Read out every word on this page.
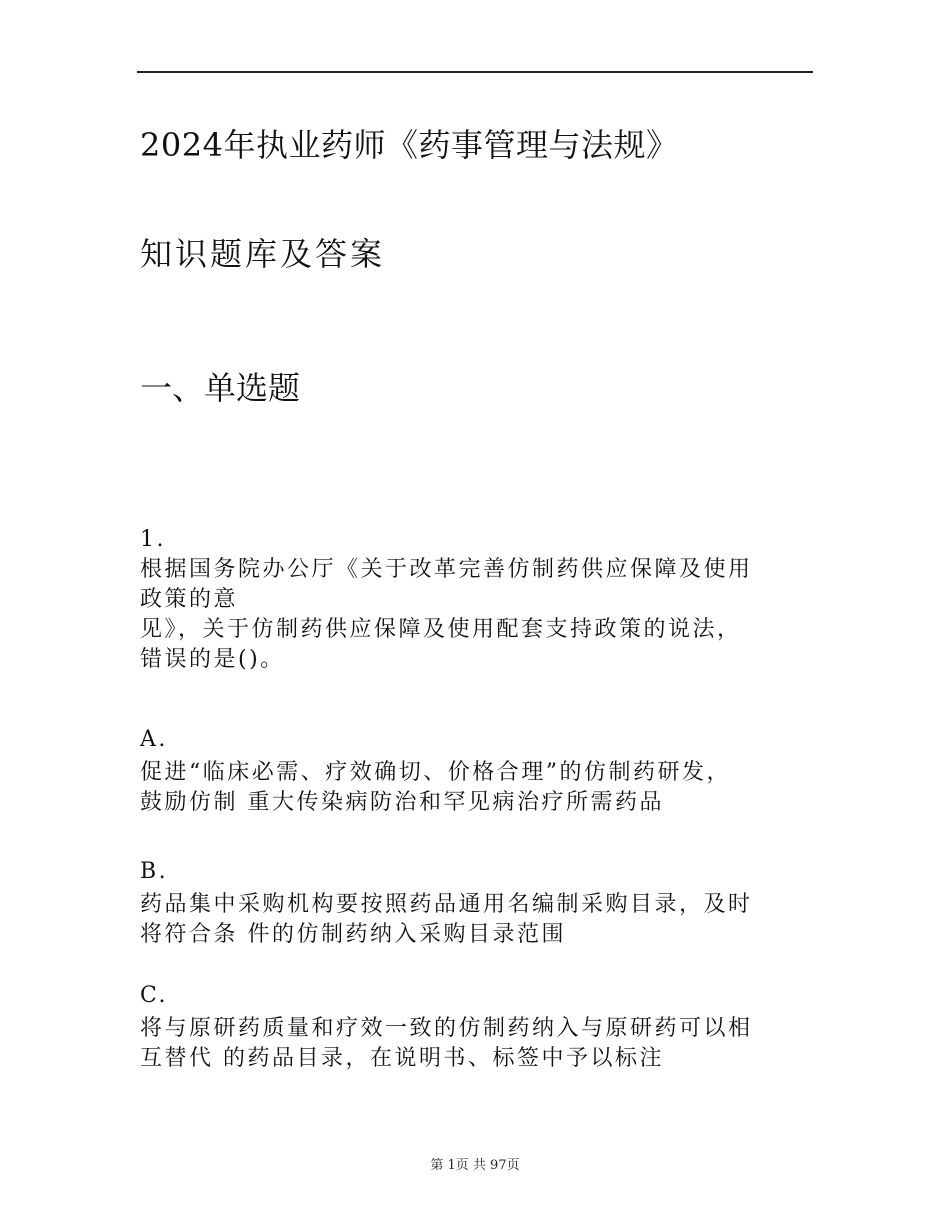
2024年执业药师《药事管理与法规》
知识题库及答案
一、单选题
1.
根据国务院办公厅《关于改革完善仿制药供应保障及使用
政策的意
见》，关于仿制药供应保障及使用配套支持政策的说法，
错误的是()。
A.
促进“临床必需、疗效确切、价格合理”的仿制药研发，
鼓励仿制 重大传染病防治和罕见病治疗所需药品
B.
药品集中采购机构要按照药品通用名编制采购目录，及时
将符合条 件的仿制药纳入采购目录范围
C.
将与原研药质量和疗效一致的仿制药纳入与原研药可以相
互替代 的药品目录，在说明书、标签中予以标注
第 1页 共 97页
